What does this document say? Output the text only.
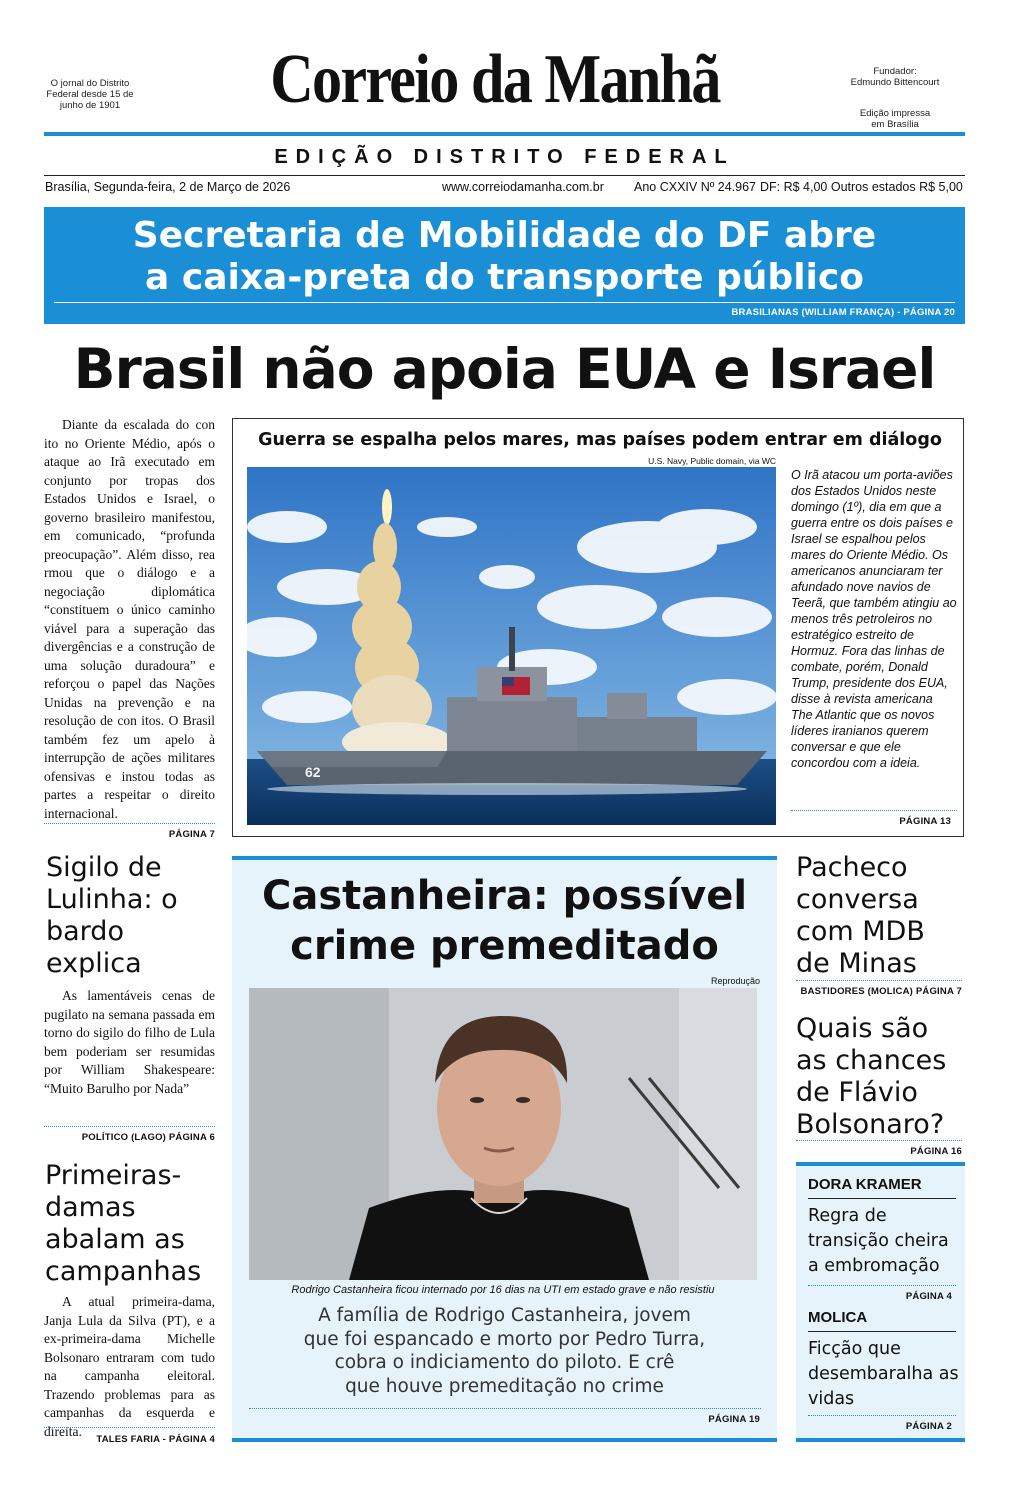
O jornal do Distrito Federal desde 15 de junho de 1901	Correio da Manhã	Fundador:
Edmundo Bittencourt
Edição impressa em Brasília
EDIÇÃO DISTRITO FEDERAL
Brasília, Segunda-feira, 2 de Março de 2026	www.correiodamanha.com.br Ano CXXIV Nº 24.967 DF: R$ 4,00 Outros estados R$ 5,00
Secretaria de Mobilidade do DF abre
a caixa-preta do transporte público
BRASILIANAS (WILLIAM FRANÇA) - PÁGINA 20
Brasil não apoia EUA e Israel
Diante da escalada do con ito no Oriente Médio, após o ataque ao Irã executado em conjunto por tropas dos Estados Unidos e Israel, o governo brasileiro manifestou, em comunicado, “profunda preocupação”. Além disso, rea rmou que o diálogo e a negociação diplomática “constituem o único caminho viável para a superação das divergências e a construção de uma solução duradoura” e reforçou o papel das Nações Unidas na prevenção e na resolução de con itos. O Brasil também fez um apelo à interrupção de ações militares ofensivas e instou todas as partes a respeitar o direito internacional.
PÁGINA 7
Guerra se espalha pelos mares, mas países podem entrar em diálogo
U.S. Navy, Public domain, via WC
62
O Irã atacou um porta-aviões dos Estados Unidos neste domingo (1º), dia em que a guerra entre os dois países e Israel se espalhou pelos mares do Oriente Médio. Os americanos anunciaram ter afundado nove navios de Teerã, que também atingiu ao menos três petroleiros no estratégico estreito de Hormuz. Fora das linhas de combate, porém, Donald Trump, presidente dos EUA, disse à revista americana The Atlantic que os novos líderes iranianos querem conversar e que ele concordou com a ideia.
PÁGINA 13
Sigilo de Lulinha: o bardo explica
As lamentáveis cenas de pugilato na semana passada em torno do sigilo do filho de Lula bem poderiam ser resumidas por William Shakespeare: “Muito Barulho por Nada”
POLÍTICO (LAGO) PÁGINA 6
Primeiras-damas abalam as campanhas
A atual primeira-dama, Janja Lula da Silva (PT), e a ex-primeira-dama Michelle Bolsonaro entraram com tudo na campanha eleitoral. Trazendo problemas para as campanhas da esquerda e direita.
TALES FARIA - PÁGINA 4
Castanheira: possível
crime premeditado
Reprodução
Rodrigo Castanheira ficou internado por 16 dias na UTI em estado grave e não resistiu
A família de Rodrigo Castanheira, jovem
que foi espancado e morto por Pedro Turra,
cobra o indiciamento do piloto. E crê
que houve premeditação no crime
PÁGINA 19
Pacheco conversa com MDB de Minas
BASTIDORES (MOLICA) PÁGINA 7
Quais são as chances de Flávio Bolsonaro?
PÁGINA 16
DORA KRAMER
Regra de transição cheira a embromação
PÁGINA 4
MOLICA
Ficção que desembaralha as vidas
PÁGINA 2
